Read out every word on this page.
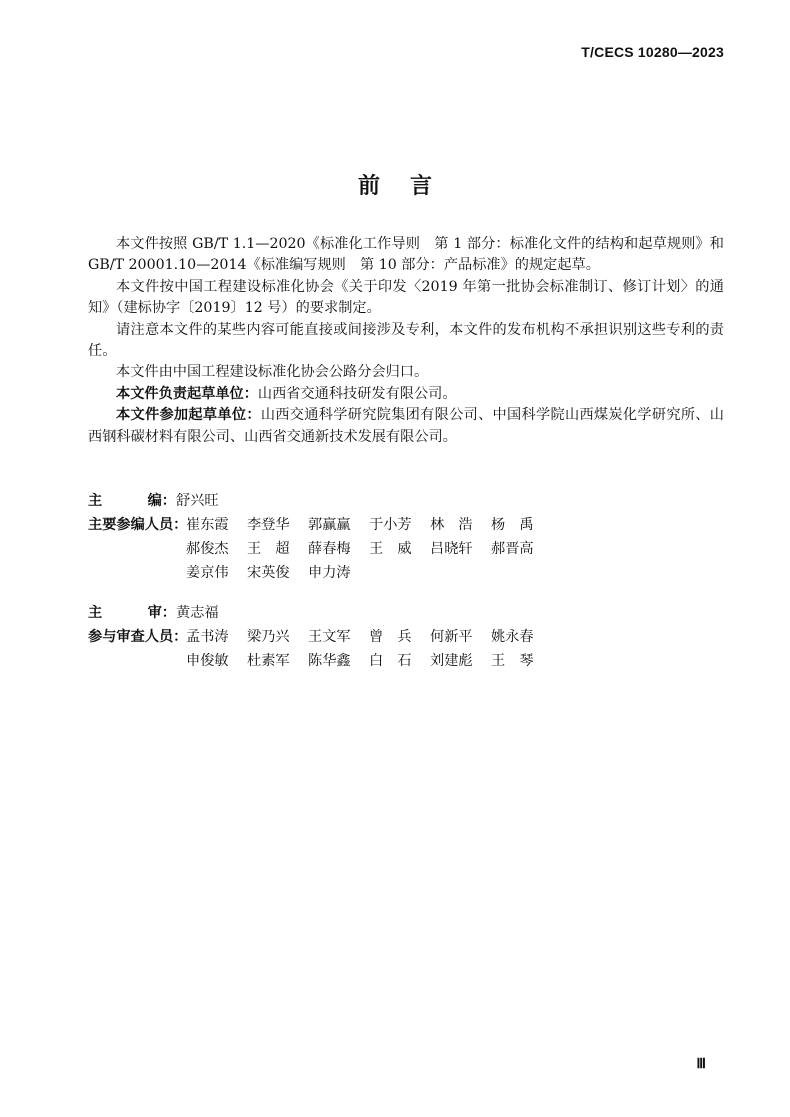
T/CECS 10280—2023
前言

本文件按照 GB/T 1.1—2020《标准化工作导则　第 1 部分：标准化文件的结构和起草规则》和 GB/T 20001.10—2014《标准编写规则　第 10 部分：产品标准》的规定起草。

本文件按中国工程建设标准化协会《关于印发〈2019 年第一批协会标准制订、修订计划〉的通知》（建标协字〔2019〕12 号）的要求制定。

请注意本文件的某些内容可能直接或间接涉及专利，本文件的发布机构不承担识别这些专利的责任。

本文件由中国工程建设标准化协会公路分会归口。

本文件负责起草单位：山西省交通科技研发有限公司。

本文件参加起草单位：山西交通科学研究院集团有限公司、中国科学院山西煤炭化学研究所、山西钢科碳材料有限公司、山西省交通新技术发展有限公司。

主	编： 舒兴旺
主要参编人员：
崔东霞	李登华	郭赢赢	于小芳	林　浩	杨　禹
郝俊杰	王　超	薛春梅	王　威	吕晓轩	郝晋高
姜京伟	宋英俊	申力涛
主	审： 黄志福
参与审查人员：
孟书涛	梁乃兴	王文军	曾　兵	何新平	姚永春
申俊敏	杜素军	陈华鑫	白　石	刘建彪	王　琴
Ⅲ
